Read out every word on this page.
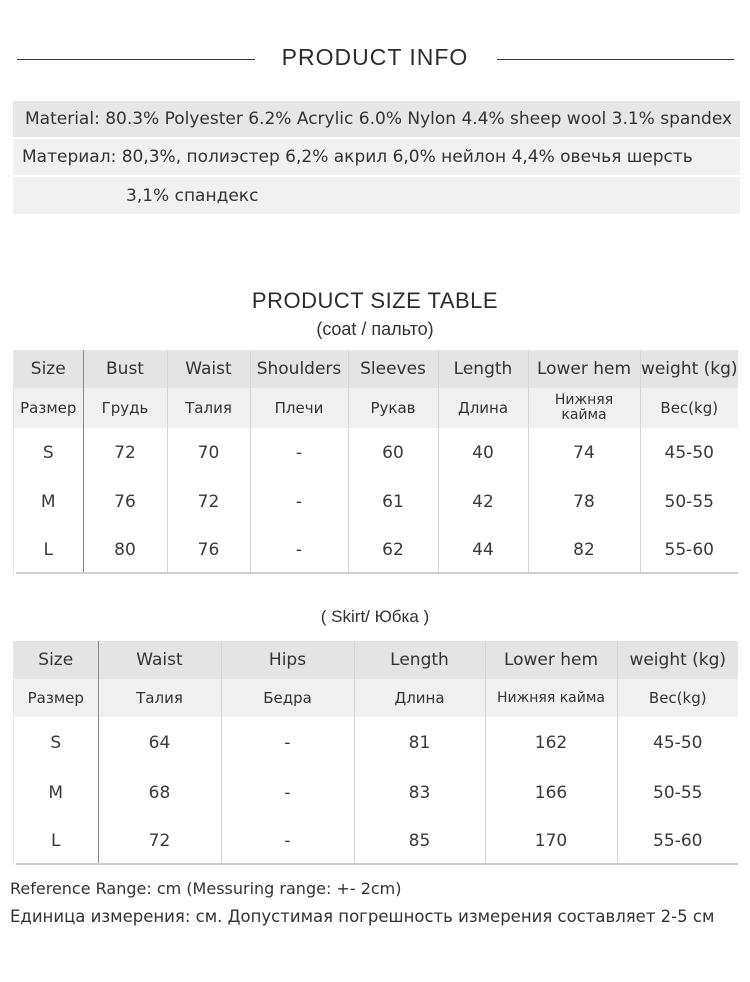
PRODUCT INFO
Material: 80.3% Polyester 6.2% Acrylic 6.0% Nylon 4.4% sheep wool 3.1% spandex
Материал: 80,3%, полиэстер 6,2% акрил 6,0% нейлон 4,4% овечья шерсть
3,1% спандекс
PRODUCT SIZE TABLE
(coat / пальто)
Size	Bust	Waist	Shoulders	Sleeves	Length	Lower hem	weight (kg)
Размер	Грудь	Талия	Плечи	Рукав	Длина	Нижняя кайма	Вес(kg)
S	72	70	-	60	40	74	45-50
M	76	72	-	61	42	78	50-55
L	80	76	-	62	44	82	55-60
( Skirt/ Юбка )
Size	Waist	Hips	Length	Lower hem	weight (kg)
Размер	Талия	Бедра	Длина	Нижняя кайма	Вес(kg)
S	64	-	81	162	45-50
M	68	-	83	166	50-55
L	72	-	85	170	55-60
Reference Range: cm (Messuring range: +- 2cm)
Единица измерения: см. Допустимая погрешность измерения составляет 2-5 см
